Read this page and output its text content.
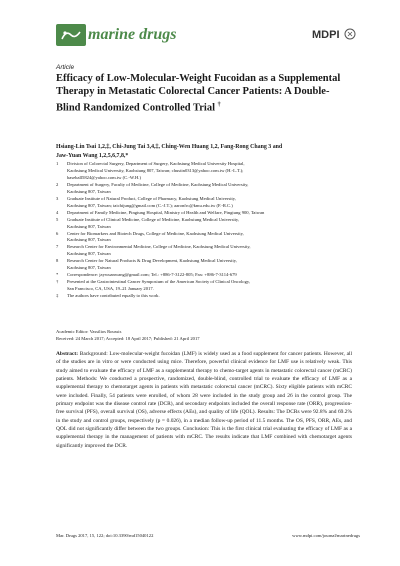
marine drugs	MDPI
Article
Efficacy of Low-Molecular-Weight Fucoidan as a Supplemental Therapy in Metastatic Colorectal Cancer Patients: A Double-Blind Randomized Controlled Trial †
Hsiang-Lin Tsai 1,2,‡, Chi-Jung Tai 3,4,‡, Ching-Wen Huang 1,2, Fang-Rong Chang 3 and
Jaw-Yuan Wang 1,2,5,6,7,8,*
1	Division of Colorectal Surgery, Department of Surgery, Kaohsiung Medical University Hospital,
Kaohsiung Medical University, Kaohsiung 807, Taiwan; chustin0313@yahoo.com.tw (H.-L.T.);
baseball5824@yahoo.com.tw (C.-W.H.)
2	Department of Surgery, Faculty of Medicine, College of Medicine, Kaohsiung Medical University,
Kaohsiung 807, Taiwan
3	Graduate Institute of Natural Product, College of Pharmacy, Kaohsiung Medical University,
Kaohsiung 807, Taiwan; taichijung@gmail.com (C.-J.T.); aaronfrc@kmu.edu.tw (F.-R.C.)
4	Department of Family Medicine, Pingtung Hospital, Ministry of Health and Welfare, Pingtung 900, Taiwan
5	Graduate Institute of Clinical Medicine, College of Medicine, Kaohsiung Medical University,
Kaohsiung 807, Taiwan
6	Center for Biomarkers and Biotech Drugs, College of Medicine, Kaohsiung Medical University,
Kaohsiung 807, Taiwan
7	Research Center for Environmental Medicine, College of Medicine, Kaohsiung Medical University,
Kaohsiung 807, Taiwan
8	Research Center for Natural Products & Drug Development, Kaohsiung Medical University,
Kaohsiung 807, Taiwan
*	Correspondence: jaywuanwang@gmail.com; Tel.: +886-7-3122-805; Fax: +886-7-3114-679
†	Presented at the Gastrointestinal Cancer Symposium of the American Society of Clinical Oncology,
San Francisco, CA, USA, 19–21 January 2017.
‡	The authors have contributed equally to this work.
Academic Editor: Vassilios Roussis
Received: 24 March 2017; Accepted: 18 April 2017; Published: 21 April 2017
Abstract: Background: Low-molecular-weight fucoidan (LMF) is widely used as a food supplement for cancer patients. However, all of the studies are in vitro or were conducted using mice. Therefore, powerful clinical evidence for LMF use is relatively weak. This study aimed to evaluate the efficacy of LMF as a supplemental therapy to chemo-target agents in metastatic colorectal cancer (mCRC) patients. Methods: We conducted a prospective, randomized, double-blind, controlled trial to evaluate the efficacy of LMF as a supplemental therapy to chemotarget agents in patients with metastatic colorectal cancer (mCRC). Sixty eligible patients with mCRC were included. Finally, 54 patients were enrolled, of whom 28 were included in the study group and 26 in the control group. The primary endpoint was the disease control rate (DCR), and secondary endpoints included the overall response rate (ORR), progression-free survival (PFS), overall survival (OS), adverse effects (AEs), and quality of life (QOL). Results: The DCRs were 92.8% and 69.2% in the study and control groups, respectively (p = 0.026), in a median follow-up period of 11.5 months. The OS, PFS, ORR, AEs, and QOL did not significantly differ between the two groups. Conclusion: This is the first clinical trial evaluating the efficacy of LMF as a supplemental therapy in the management of patients with mCRC. The results indicate that LMF combined with chemotarget agents significantly improved the DCR.
Mar. Drugs 2017, 15, 122; doi:10.3390/md15040122	www.mdpi.com/journal/marinedrugs
